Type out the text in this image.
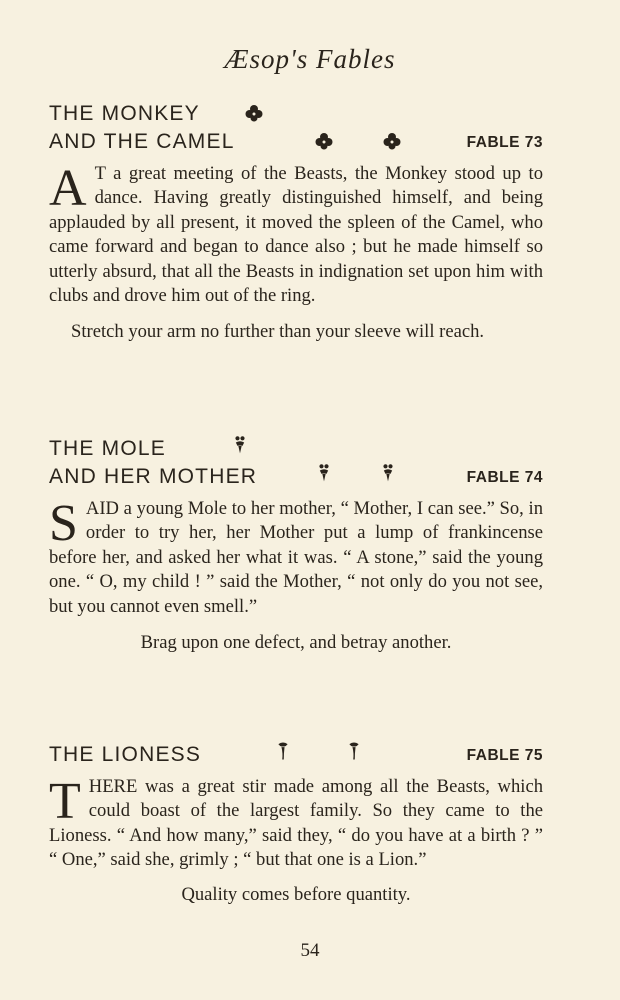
Æsop's Fables
THE MONKEY
AND THE CAMEL	FABLE 73
A T a great meeting of the Beasts, the Monkey stood up to dance. Having greatly distinguished himself, and being applauded by all present, it moved the spleen of the Camel, who came forward and began to dance also ; but he made himself so utterly absurd, that all the Beasts in indignation set upon him with clubs and drove him out of the ring.

Stretch your arm no further than your sleeve will reach.

THE MOLE
AND HER MOTHER	FABLE 74
S AID a young Mole to her mother, “ Mother, I can see.” So, in order to try her, her Mother put a lump of frankincense before her, and asked her what it was. “ A stone,” said the young one. “ O, my child ! ” said the Mother, “ not only do you not see, but you cannot even smell.”

Brag upon one defect, and betray another.

THE LIONESS	FABLE 75
T HERE was a great stir made among all the Beasts, which could boast of the largest family. So they came to the Lioness. “ And how many,” said they, “ do you have at a birth ? ” “ One,” said she, grimly ; “ but that one is a Lion.”

Quality comes before quantity.

54
